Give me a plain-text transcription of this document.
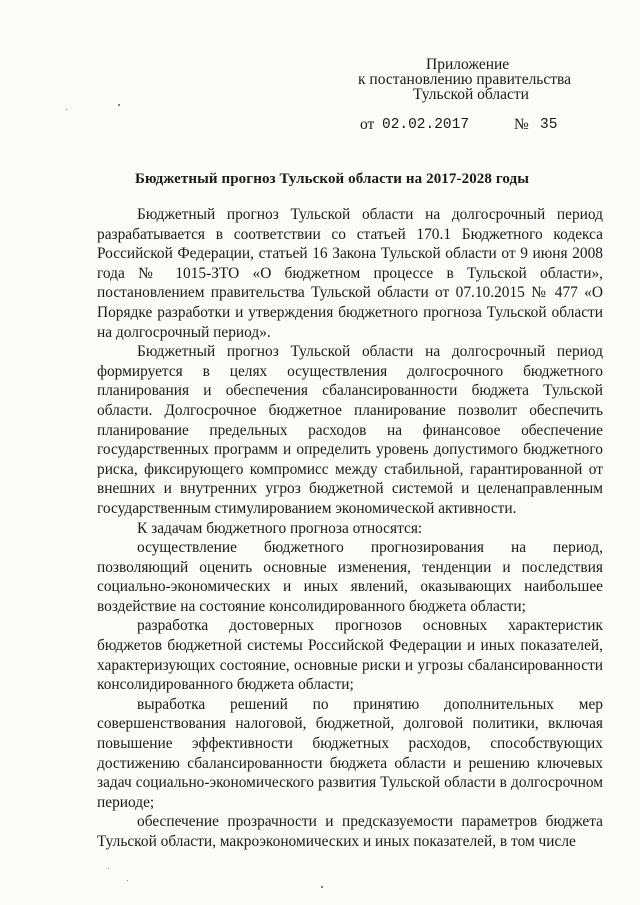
Приложение
к постановлению правительства
Тульской области
от 02.02.2017	№ 35
Бюджетный прогноз Тульской области на 2017-2028 годы

Бюджетный прогноз Тульской области на долгосрочный период разрабатывается в соответствии со статьей 170.1 Бюджетного кодекса Российской Федерации, статьей 16 Закона Тульской области от 9 июня 2008 года № 1015-ЗТО «О бюджетном процессе в Тульской области», постановлением правительства Тульской области от 07.10.2015 № 477 «О Порядке разработки и утверждения бюджетного прогноза Тульской области на долгосрочный период».

Бюджетный прогноз Тульской области на долгосрочный период формируется в целях осуществления долгосрочного бюджетного планирования и обеспечения сбалансированности бюджета Тульской области. Долгосрочное бюджетное планирование позволит обеспечить планирование предельных расходов на финансовое обеспечение государственных программ и определить уровень допустимого бюджетного риска, фиксирующего компромисс между стабильной, гарантированной от внешних и внутренних угроз бюджетной системой и целенаправленным государственным стимулированием экономической активности.

К задачам бюджетного прогноза относятся:

осуществление бюджетного прогнозирования на период, позволяющий оценить основные изменения, тенденции и последствия социально-экономических и иных явлений, оказывающих наибольшее воздействие на состояние консолидированного бюджета области;

разработка достоверных прогнозов основных характеристик бюджетов бюджетной системы Российской Федерации и иных показателей, характеризующих состояние, основные риски и угрозы сбалансированности консолидированного бюджета области;

выработка решений по принятию дополнительных мер совершенствования налоговой, бюджетной, долговой политики, включая повышение эффективности бюджетных расходов, способствующих достижению сбалансированности бюджета области и решению ключевых задач социально-экономического развития Тульской области в долгосрочном периоде;

обеспечение прозрачности и предсказуемости параметров бюджета Тульской области, макроэкономических и иных показателей, в том числе
